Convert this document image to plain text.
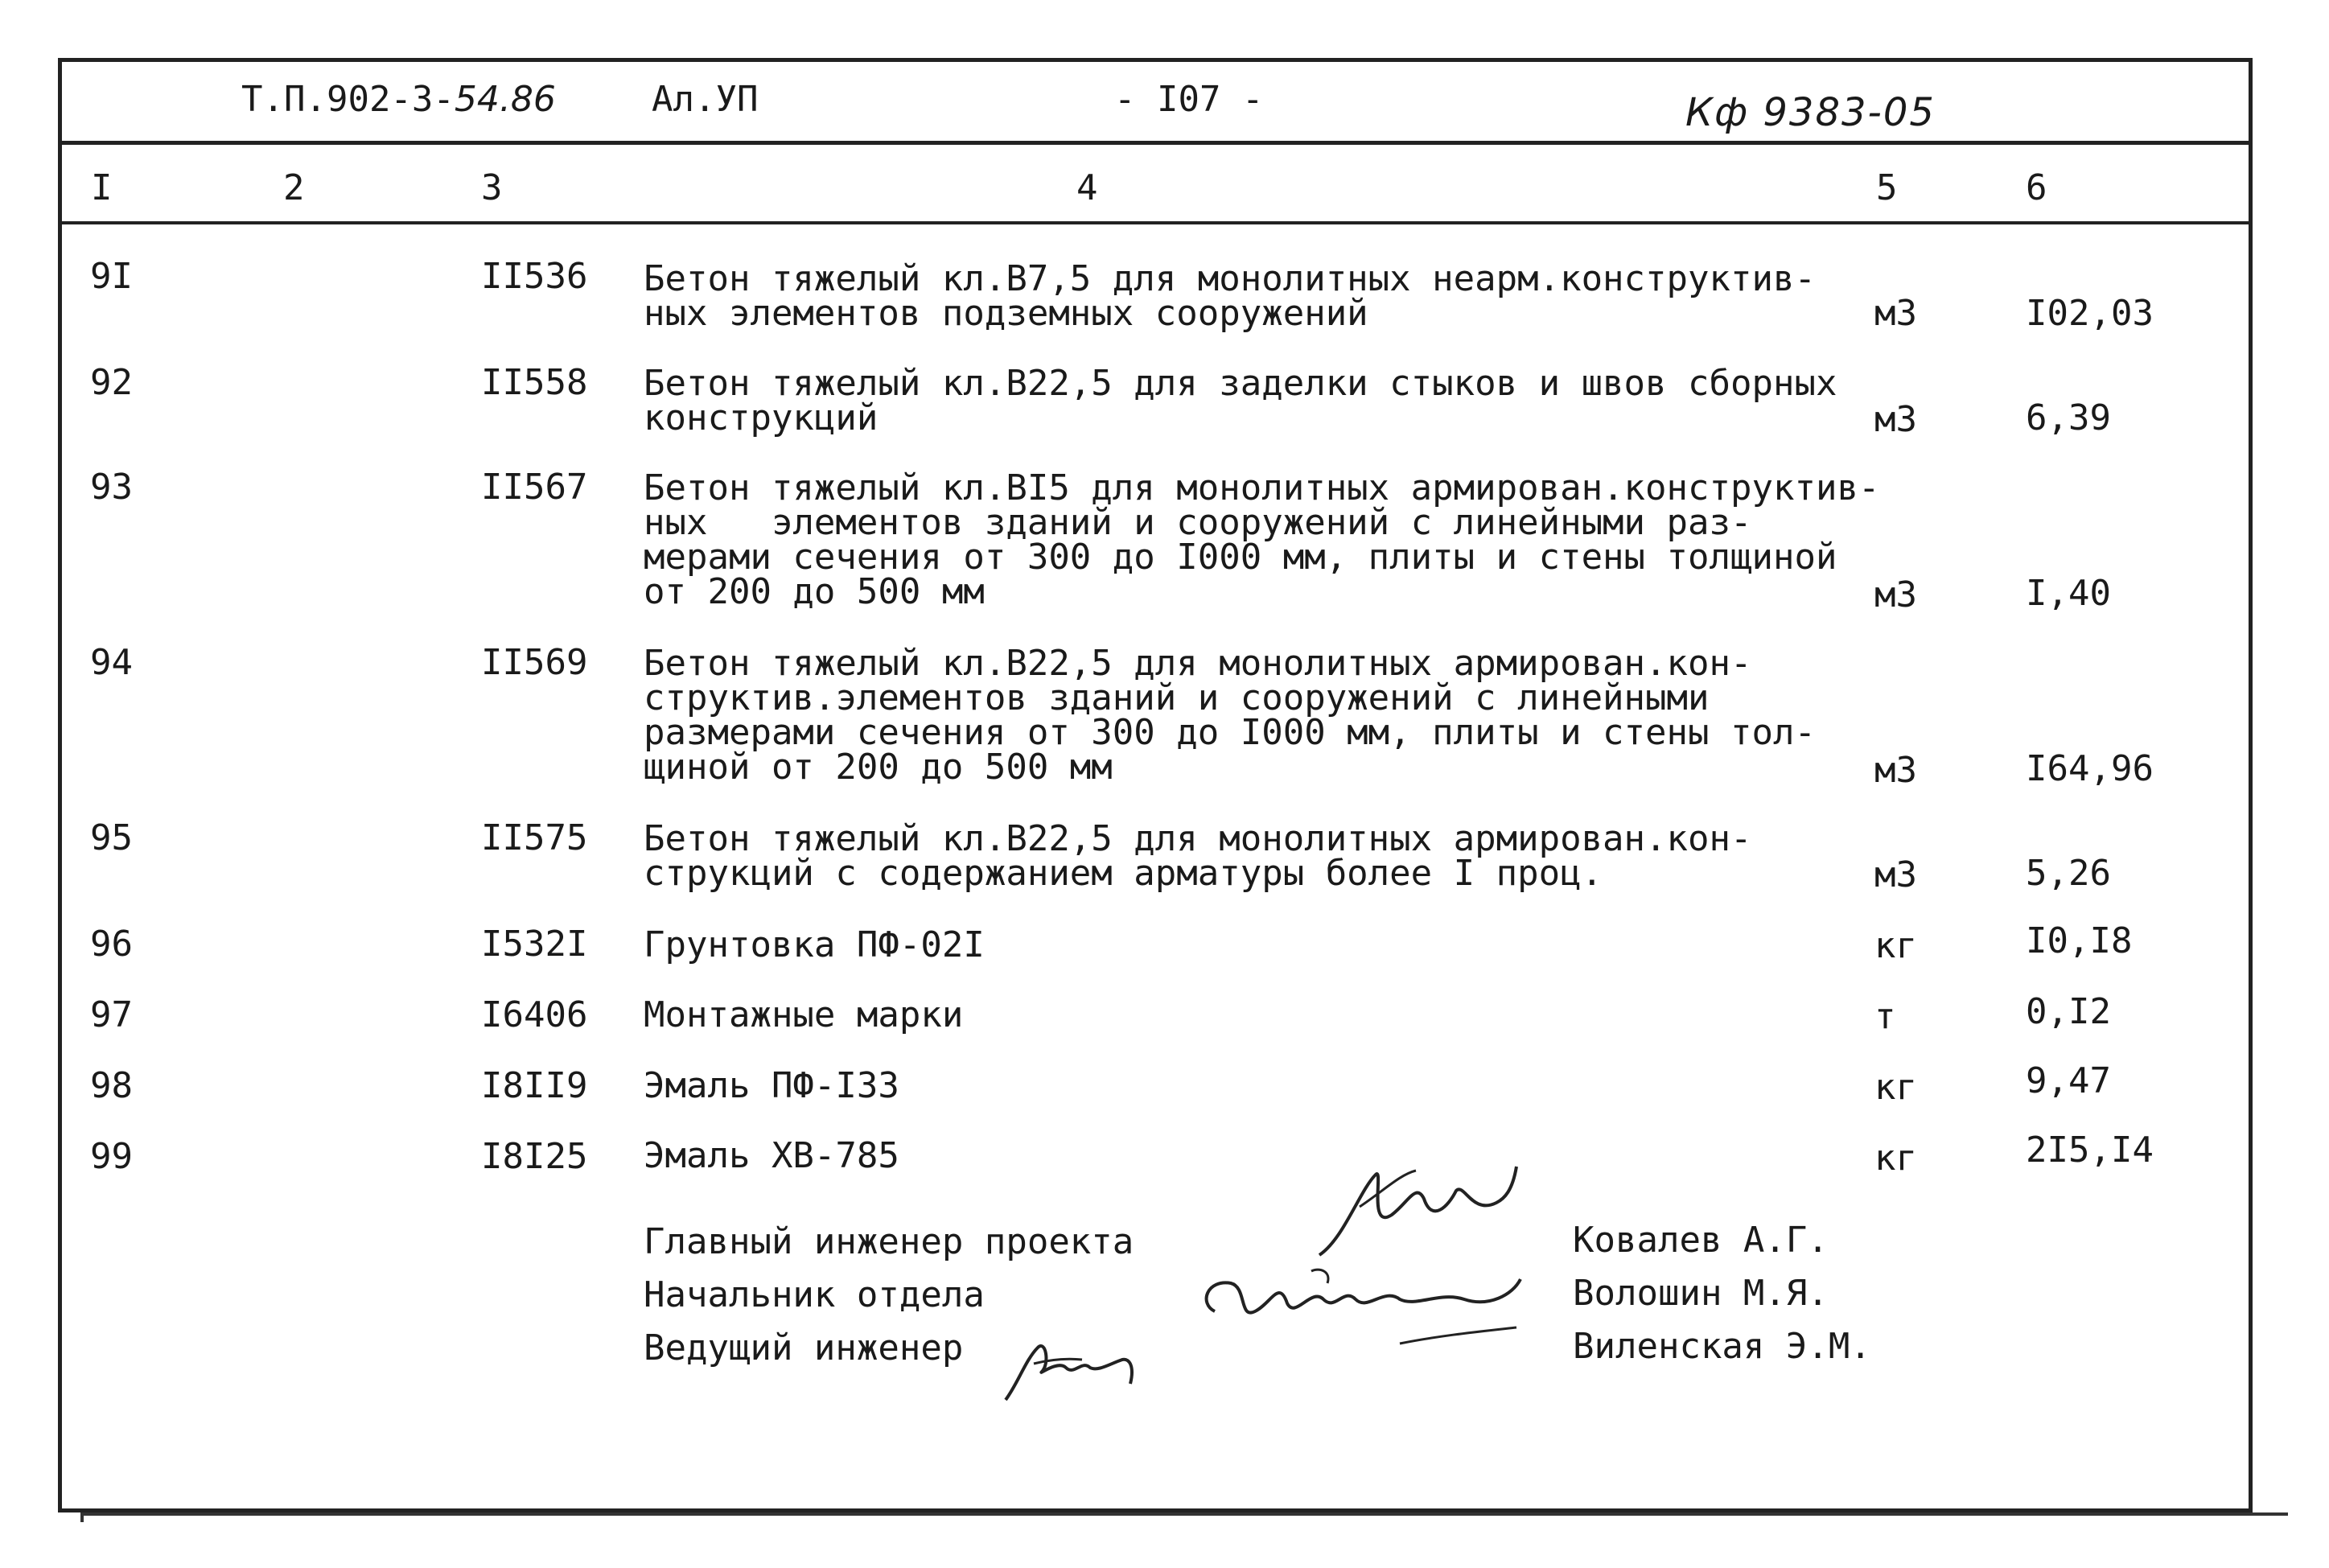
Т.П.902-3-54.86	Ал.УП	- I07 -	Кф 9383-05
I	2	3	4	5	6
9I	II536 Бетон тяжелый кл.В7,5 для монолитных неарм.конструктив-
ных элементов подземных сооружений	м3	I02,03
92	II558 Бетон тяжелый кл.В22,5 для заделки стыков и швов сборных
конструкций	м3	6,39
93	II567 Бетон тяжелый кл.BI5 для монолитных армирован.конструктив-
ных   элементов зданий и сооружений с линейными раз-
мерами сечения от 300 до I000 мм, плиты и стены толщиной
от 200 до 500 мм	м3	I,40
94	II569 Бетон тяжелый кл.В22,5 для монолитных армирован.кон-
структив.элементов зданий и сооружений с линейными
размерами сечения от 300 до I000 мм, плиты и стены тол-
щиной от 200 до 500 мм	м3	I64,96
95	II575 Бетон тяжелый кл.В22,5 для монолитных армирован.кон-
струкций с содержанием арматуры более I проц.	м3	5,26
96	I532I Грунтовка ПФ-02I	кг	I0,I8
97	I6406 Монтажные марки	т	0,I2
98	I8II9 Эмаль ПФ-I33	кг	9,47
99	I8I25 Эмаль ХВ-785	кг	2I5,I4
Главный инженер проекта	Ковалев А.Г.
Начальник отдела	Волошин М.Я.
Ведущий инженер	Виленская Э.М.
